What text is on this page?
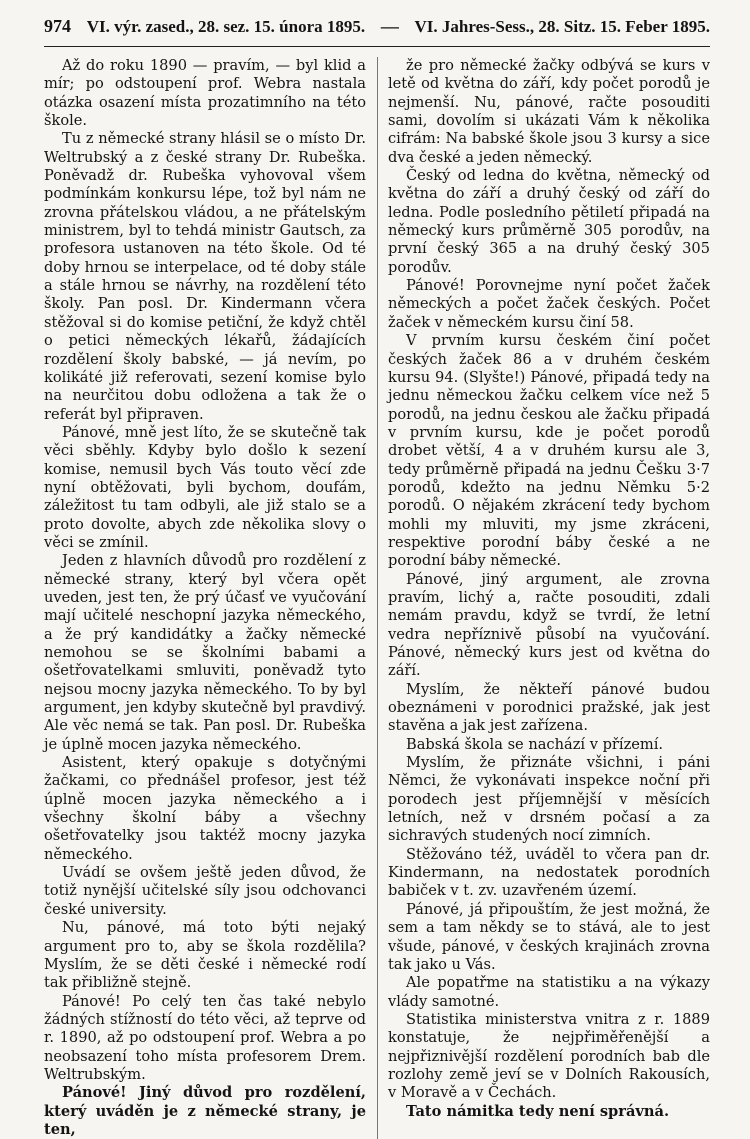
974 VI. výr. zased., 28. sez. 15. února 1895. — VI. Jahres-Sess., 28. Sitz. 15. Feber 1895.

Až do roku 1890 — pravím, — byl klid a mír; po odstoupení prof. Webra nastala otázka osazení místa prozatimního na této škole.

Tu z německé strany hlásil se o místo Dr. Weltrubský a z české strany Dr. Rubeška. Poněvadž dr. Rubeška vyhovoval všem podmínkám konkursu lépe, tož byl nám ne zrovna přátelskou vládou, a ne přátelským ministrem, byl to tehdá ministr Gautsch, za profesora ustanoven na této škole. Od té doby hrnou se interpelace, od té doby stále a stále hrnou se návrhy, na rozdělení této školy. Pan posl. Dr. Kindermann včera stěžoval si do komise petiční, že když chtěl o petici německých lékařů, žádajících rozdělení školy babské, — já nevím, po kolikáté již referovati, sezení komise bylo na neurčitou dobu odložena a tak že o referát byl připraven.

Pánové, mně jest líto, že se skutečně tak věci sběhly. Kdyby bylo došlo k sezení komise, nemusil bych Vás touto věcí zde nyní obtěžovati, byli bychom, doufám, záležitost tu tam odbyli, ale již stalo se a proto dovolte, abych zde několika slovy o věci se zmínil.

Jeden z hlavních důvodů pro rozdělení z německé strany, který byl včera opět uveden, jest ten, že prý účasť ve vyučování mají učitelé neschopní jazyka německého, a že prý kandidátky a žačky německé nemohou se se školními babami a ošetřovatelkami smluviti, poněvadž tyto nejsou mocny jazyka německého. To by byl argument, jen kdyby skutečně byl pravdivý. Ale věc nemá se tak. Pan posl. Dr. Rubeška je úplně mocen jazyka německého.

Asistent, který opakuje s dotyčnými žačkami, co přednášel profesor, jest též úplně mocen jazyka německého a i všechny školní báby a všechny ošetřovatelky jsou taktéž mocny jazyka německého.

Uvádí se ovšem ještě jeden důvod, že totiž nynější učitelské síly jsou odchovanci české university.

Nu, pánové, má toto býti nejaký argument pro to, aby se škola rozdělila? Myslím, že se děti české i německé rodí tak přibližně stejně.

Pánové! Po celý ten čas také nebylo žádných stížností do této věci, až teprve od r. 1890, až po odstoupení prof. Webra a po neobsazení toho místa profesorem Drem. Weltrubským.

Pánové! Jiný důvod pro rozdělení, který uváděn je z německé strany, je ten,

že pro německé žačky odbývá se kurs v letě od května do září, kdy počet porodů je nejmenší. Nu, pánové, račte posouditi sami, dovolím si ukázati Vám k několika cifrám: Na babské škole jsou 3 kursy a sice dva české a jeden německý.

Český od ledna do května, německý od května do září a druhý český od září do ledna. Podle posledního pětiletí připadá na německý kurs průměrně 305 porodův, na první český 365 a na druhý český 305 porodův.

Pánové! Porovnejme nyní počet žaček německých a počet žaček českých. Počet žaček v německém kursu činí 58.

V prvním kursu českém činí počet českých žaček 86 a v druhém českém kursu 94. (Slyšte!) Pánové, připadá tedy na jednu německou žačku celkem více než 5 porodů, na jednu českou ale žačku připadá v prvním kursu, kde je počet porodů drobet větší, 4 a v druhém kursu ale 3, tedy průměrně připadá na jednu Češku 3·7 porodů, kdežto na jednu Němku 5·2 porodů. O nějakém zkrácení tedy bychom mohli my mluviti, my jsme zkráceni, respektive porodní báby české a ne porodní báby německé.

Pánové, jiný argument, ale zrovna pravím, lichý a, račte posouditi, zdali nemám pravdu, když se tvrdí, že letní vedra nepříznivě působí na vyučování. Pánové, německý kurs jest od května do září.

Myslím, že někteří pánové budou obeznámeni v porodnici pražské, jak jest stavěna a jak jest zařízena.

Babská škola se nachází v přízemí.

Myslím, že přiznáte všichni, i páni Němci, že vykonávati inspekce noční při porodech jest příjemnější v měsících letních, než v drsném počasí a za sichravých studených nocí zimních.

Stěžováno též, uváděl to včera pan dr. Kindermann, na nedostatek porodních babiček v t. zv. uzavřeném území.

Pánové, já připouštím, že jest možná, že sem a tam někdy se to stává, ale to jest všude, pánové, v českých krajinách zrovna tak jako u Vás.

Ale popatřme na statistiku a na výkazy vlády samotné.

Statistika ministerstva vnitra z r. 1889 konstatuje, že nejpřiměřenější a nejpřiznivější rozdělení porodních bab dle rozlohy země jeví se v Dolních Rakousích, v Moravě a v Čechách.

Tato námitka tedy není správná.
